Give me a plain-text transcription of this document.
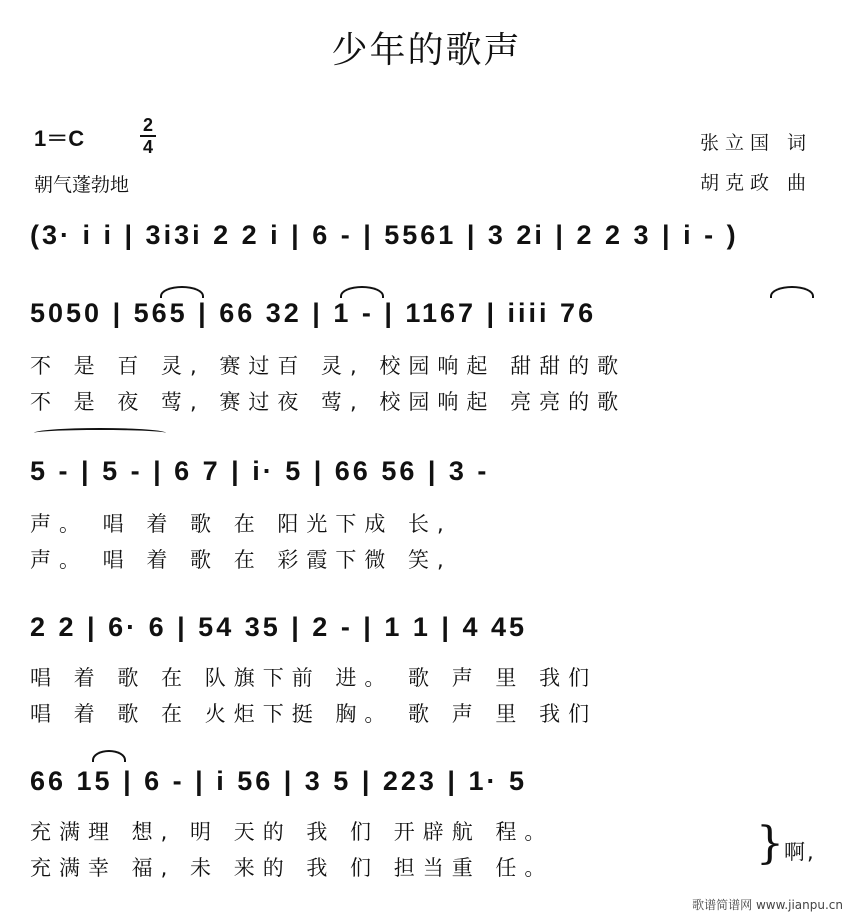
少年的歌声
1＝C
2
4
朝气蓬勃地
张立国 词
胡克政 曲
(3· i i | 3i3i 2 2 i | 6 - | 5561 | 3 2i | 2 2 3 | i - )
5050 | 565 | 66 32 | 1 - | 1167 | iiii 76
不 是 百 灵, 赛过百 灵, 校园响起 甜甜的歌
不 是 夜 莺, 赛过夜 莺, 校园响起 亮亮的歌
5 - | 5 - | 6 7 | i· 5 | 66 56 | 3 -
声。 唱 着 歌 在 阳光下成 长,
声。 唱 着 歌 在 彩霞下微 笑,
2 2 | 6· 6 | 54 35 | 2 - | 1 1 | 4 45
唱 着 歌 在 队旗下前 进。 歌 声 里 我们
唱 着 歌 在 火炬下挺 胸。 歌 声 里 我们
66 15 | 6 - | i 56 | 3 5 | 223 | 1· 5
充满理 想, 明 天的 我 们 开辟航 程。
充满幸 福, 未 来的 我 们 担当重 任。	} 啊,
歌谱简谱网 www.jianpu.cn
